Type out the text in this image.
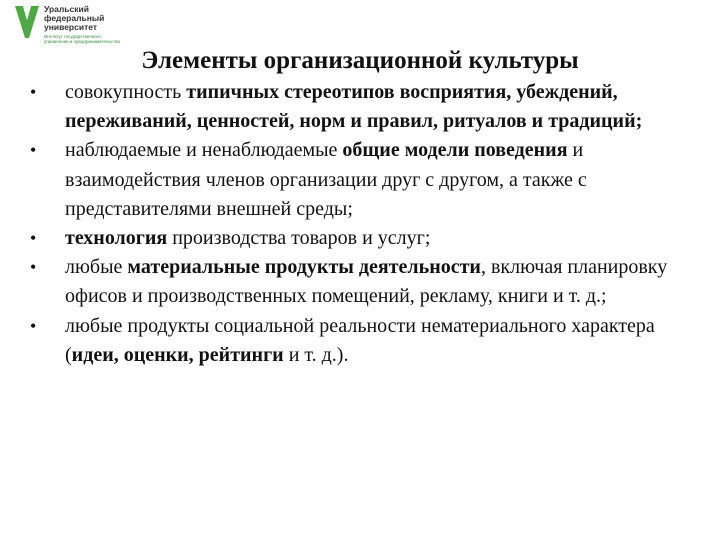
Уральский
федеральный
университет
Институт государственного
управления и предпринимательства
Элементы организационной культуры
•	совокупность типичных стереотипов восприятия, убеждений, переживаний, ценностей, норм и правил, ритуалов и традиций;
•	наблюдаемые и ненаблюдаемые общие модели поведения и взаимодействия членов организации друг с другом, а также с представителями внешней среды;
•	технология производства товаров и услуг;
•	любые материальные продукты деятельности, включая планировку офисов и производственных помещений, рекламу, книги и т. д.;
•	любые продукты социальной реальности нематериального характера (идеи, оценки, рейтинги и т. д.).
